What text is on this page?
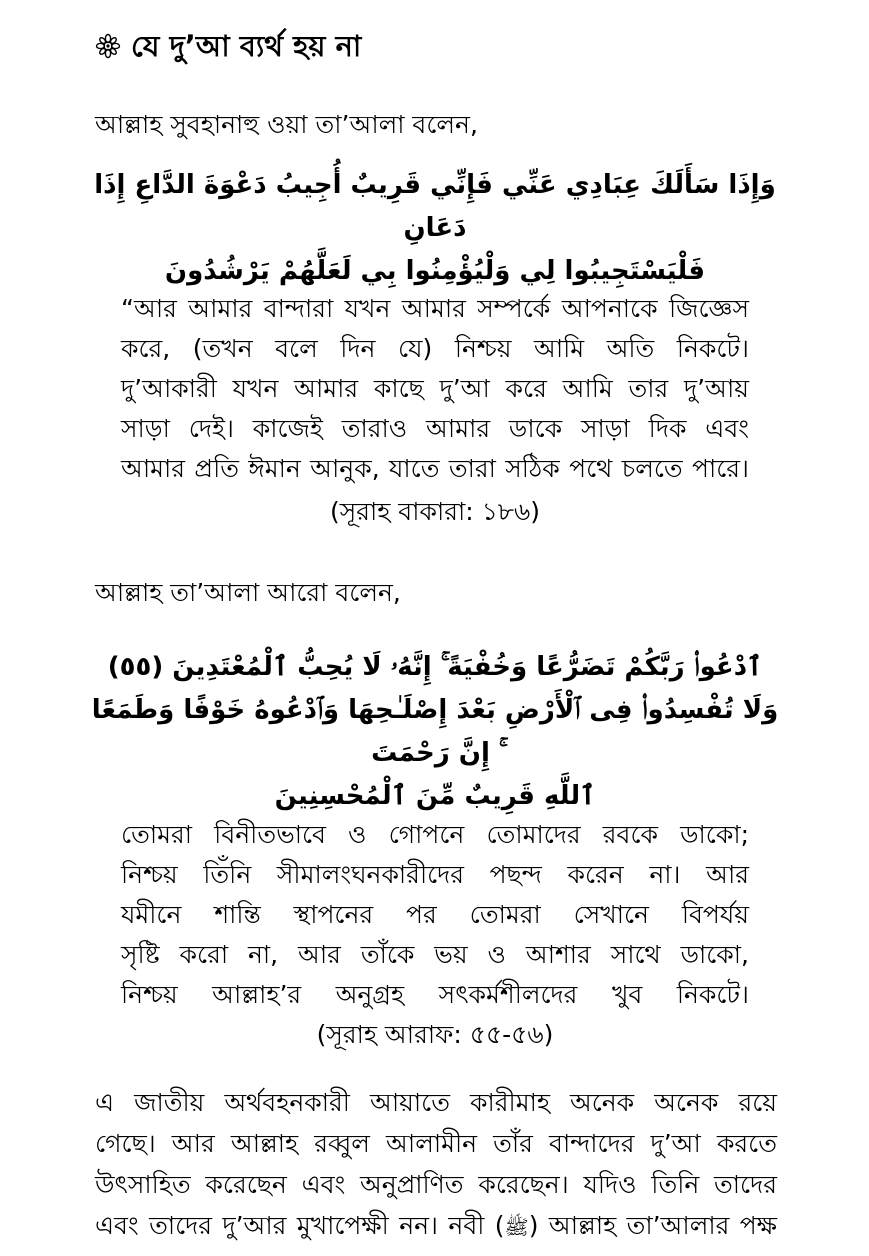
যে দু’আ ব্যর্থ হয় না
আল্লাহ সুবহানাহু ওয়া তা’আলা বলেন,
وَإِذَا سَأَلَكَ عِبَادِي عَنِّي فَإِنِّي قَرِيبٌ أُجِيبُ دَعْوَةَ الدَّاعِ إِذَا دَعَانِ
فَلْيَسْتَجِيبُوا لِي وَلْيُؤْمِنُوا بِي لَعَلَّهُمْ يَرْشُدُونَ
“আর আমার বান্দারা যখন আমার সম্পর্কে আপনাকে জিজ্ঞেস
করে, (তখন বলে দিন যে) নিশ্চয় আমি অতি নিকটে।
দু’আকারী যখন আমার কাছে দু’আ করে আমি তার দু’আয়
সাড়া দেই। কাজেই তারাও আমার ডাকে সাড়া দিক এবং
আমার প্রতি ঈমান আনুক, যাতে তারা সঠিক পথে চলতে পারে।
(সূরাহ বাকারা: ১৮৬)
আল্লাহ তা’আলা আরো বলেন,
ٱدْعُوا۟ رَبَّكُمْ تَضَرُّعًا وَخُفْيَةً ۚ إِنَّهُۥ لَا يُحِبُّ ٱلْمُعْتَدِينَ (٥٥)
وَلَا تُفْسِدُوا۟ فِى ٱلْأَرْضِ بَعْدَ إِصْلَـٰحِهَا وَٱدْعُوهُ خَوْفًا وَطَمَعًا ۚ إِنَّ رَحْمَتَ
ٱللَّهِ قَرِيبٌ مِّنَ ٱلْمُحْسِنِينَ
তোমরা বিনীতভাবে ও গোপনে তোমাদের রবকে ডাকো;
নিশ্চয় তিঁনি সীমালংঘনকারীদের পছন্দ করেন না। আর
যমীনে শান্তি স্থাপনের পর তোমরা সেখানে বিপর্যয়
সৃষ্টি করো না, আর তাঁকে ভয় ও আশার সাথে ডাকো,
নিশ্চয় আল্লাহ’র অনুগ্রহ সৎকর্মশীলদের খুব নিকটে।
(সূরাহ আরাফ: ৫৫-৫৬)
এ জাতীয় অর্থবহনকারী আয়াতে কারীমাহ অনেক অনেক রয়ে
গেছে। আর আল্লাহ রব্বুল আলামীন তাঁর বান্দাদের দু’আ করতে
উৎসাহিত করেছেন এবং অনুপ্রাণিত করেছেন। যদিও তিনি তাদের
এবং তাদের দু’আর মুখাপেক্ষী নন। নবী (ﷺ) আল্লাহ তা’আলার পক্ষ
